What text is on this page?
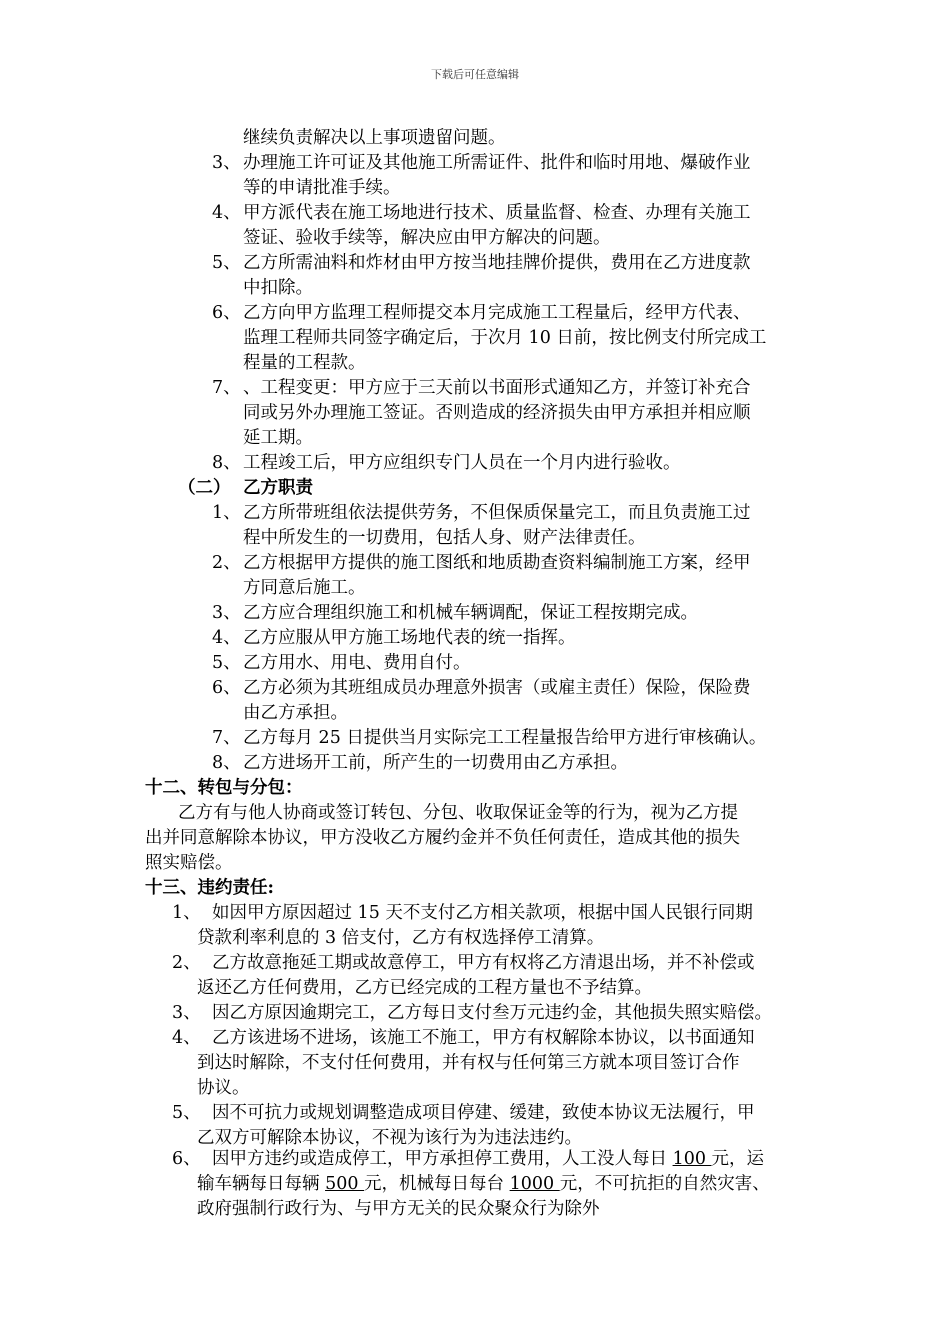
下载后可任意编辑
继续负责解决以上事项遗留问题。
3、 办理施工许可证及其他施工所需证件、批件和临时用地、爆破作业
等的申请批准手续。
4、 甲方派代表在施工场地进行技术、质量监督、检查、办理有关施工
签证、验收手续等，解决应由甲方解决的问题。
5、 乙方所需油料和炸材由甲方按当地挂牌价提供，费用在乙方进度款
中扣除。
6、 乙方向甲方监理工程师提交本月完成施工工程量后，经甲方代表、
监理工程师共同签字确定后，于次月 10 日前，按比例支付所完成工
程量的工程款。
7、 、工程变更：甲方应于三天前以书面形式通知乙方，并签订补充合
同或另外办理施工签证。否则造成的经济损失由甲方承担并相应顺
延工期。
8、 工程竣工后，甲方应组织专门人员在一个月内进行验收。
（二） 乙方职责
1、 乙方所带班组依法提供劳务，不但保质保量完工，而且负责施工过
程中所发生的一切费用，包括人身、财产法律责任。
2、 乙方根据甲方提供的施工图纸和地质勘查资料编制施工方案，经甲
方同意后施工。
3、 乙方应合理组织施工和机械车辆调配，保证工程按期完成。
4、 乙方应服从甲方施工场地代表的统一指挥。
5、 乙方用水、用电、费用自付。
6、 乙方必须为其班组成员办理意外损害（或雇主责任）保险，保险费
由乙方承担。
7、 乙方每月 25 日提供当月实际完工工程量报告给甲方进行审核确认。
8、 乙方进场开工前，所产生的一切费用由乙方承担。
十二、转包与分包：
乙方有与他人协商或签订转包、分包、收取保证金等的行为，视为乙方提
出并同意解除本协议，甲方没收乙方履约金并不负任何责任，造成其他的损失
照实赔偿。
十三、违约责任:
1、 如因甲方原因超过 15 天不支付乙方相关款项，根据中国人民银行同期
贷款利率利息的 3 倍支付，乙方有权选择停工清算。
2、 乙方故意拖延工期或故意停工，甲方有权将乙方清退出场，并不补偿或
返还乙方任何费用，乙方已经完成的工程方量也不予结算。
3、 因乙方原因逾期完工，乙方每日支付叁万元违约金，其他损失照实赔偿。
4、 乙方该进场不进场，该施工不施工，甲方有权解除本协议，以书面通知
到达时解除，不支付任何费用，并有权与任何第三方就本项目签订合作
协议。
5、 因不可抗力或规划调整造成项目停建、缓建，致使本协议无法履行，甲
乙双方可解除本协议，不视为该行为为违法违约。
6、 因甲方违约或造成停工，甲方承担停工费用，人工没人每日 100 元，运
输车辆每日每辆 500 元，机械每日每台 1000 元，不可抗拒的自然灾害、
政府强制行政行为、与甲方无关的民众聚众行为除外
